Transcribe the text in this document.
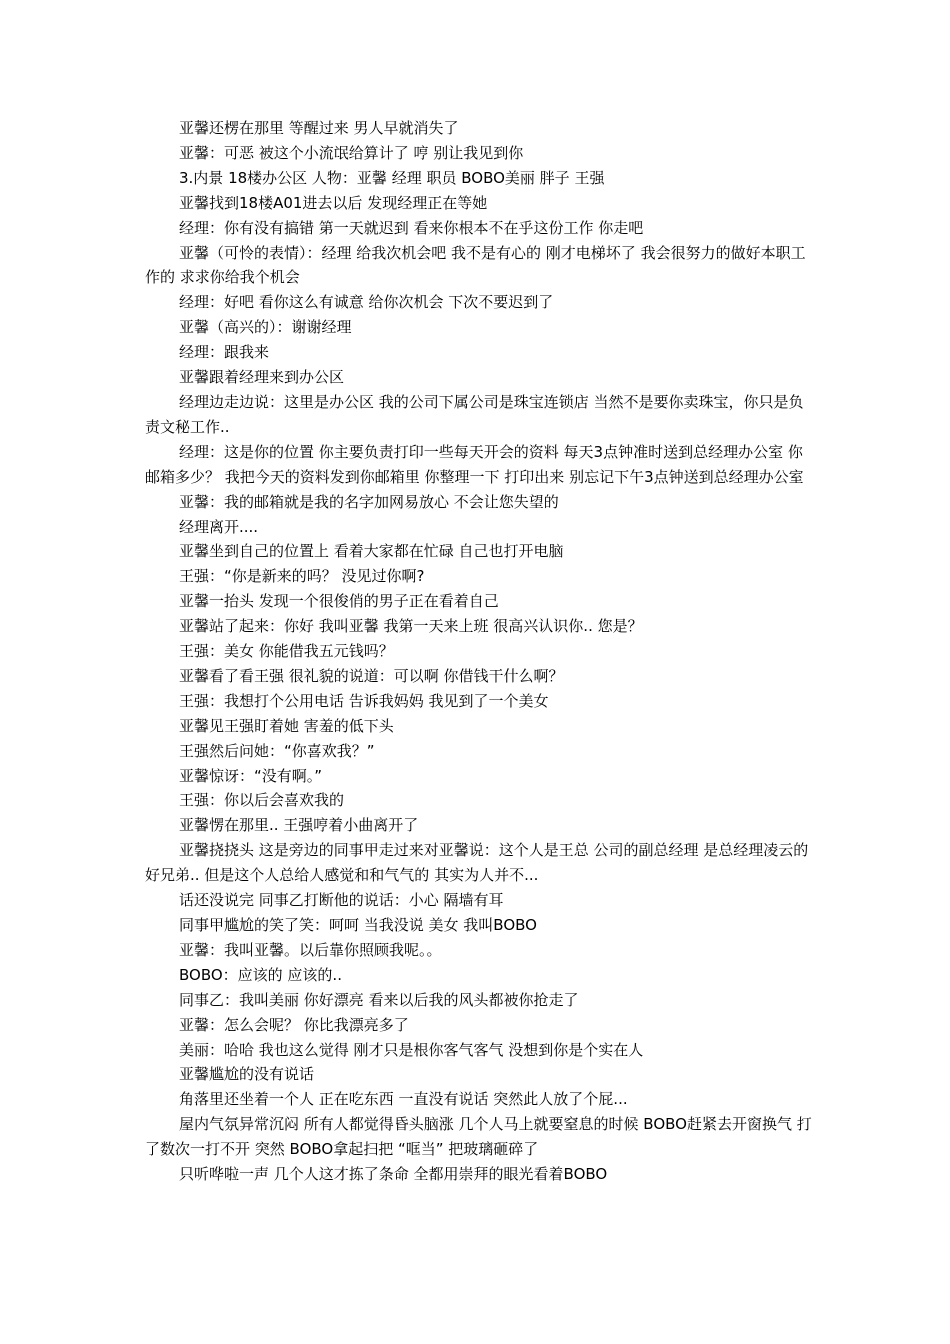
亚馨还楞在那里 等醒过来 男人早就消失了

亚馨：可恶 被这个小流氓给算计了 哼 别让我见到你

3.内景 18楼办公区 人物：亚馨 经理 职员 BOBO美丽 胖子 王强

亚馨找到18楼A01进去以后 发现经理正在等她

经理：你有没有搞错 第一天就迟到 看来你根本不在乎这份工作 你走吧

亚馨（可怜的表情）：经理 给我次机会吧 我不是有心的 刚才电梯坏了 我会很努力的做好本职工作的 求求你给我个机会

经理：好吧 看你这么有诚意 给你次机会 下次不要迟到了

亚馨（高兴的）：谢谢经理

经理：跟我来

亚馨跟着经理来到办公区

经理边走边说：这里是办公区 我的公司下属公司是珠宝连锁店 当然不是要你卖珠宝，你只是负责文秘工作..

经理：这是你的位置 你主要负责打印一些每天开会的资料 每天3点钟准时送到总经理办公室 你邮箱多少？ 我把今天的资料发到你邮箱里 你整理一下 打印出来 别忘记下午3点钟送到总经理办公室

亚馨：我的邮箱就是我的名字加网易放心 不会让您失望的

经理离开....

亚馨坐到自己的位置上 看着大家都在忙碌 自己也打开电脑

王强：“你是新来的吗？ 没见过你啊?

亚馨一抬头 发现一个很俊俏的男子正在看着自己

亚馨站了起来：你好 我叫亚馨 我第一天来上班 很高兴认识你.. 您是？

王强：美女 你能借我五元钱吗？

亚馨看了看王强 很礼貌的说道：可以啊 你借钱干什么啊？

王强：我想打个公用电话 告诉我妈妈 我见到了一个美女

亚馨见王强盯着她 害羞的低下头

王强然后问她：“你喜欢我？”

亚馨惊讶：“没有啊。”

王强：你以后会喜欢我的

亚馨愣在那里.. 王强哼着小曲离开了

亚馨挠挠头 这是旁边的同事甲走过来对亚馨说：这个人是王总 公司的副总经理 是总经理凌云的好兄弟.. 但是这个人总给人感觉和和气气的 其实为人并不...

话还没说完 同事乙打断他的说话：小心 隔墙有耳

同事甲尴尬的笑了笑：呵呵 当我没说 美女 我叫BOBO

亚馨：我叫亚馨。以后靠你照顾我呢。。

BOBO：应该的 应该的..

同事乙：我叫美丽 你好漂亮 看来以后我的风头都被你抢走了

亚馨：怎么会呢？ 你比我漂亮多了

美丽：哈哈 我也这么觉得 刚才只是根你客气客气 没想到你是个实在人

亚馨尴尬的没有说话

角落里还坐着一个人 正在吃东西 一直没有说话 突然此人放了个屁...

屋内气氛异常沉闷 所有人都觉得昏头脑涨 几个人马上就要窒息的时候 BOBO赶紧去开窗换气 打了数次一打不开 突然 BOBO拿起扫把 “哐当” 把玻璃砸碎了

只听哗啦一声 几个人这才拣了条命 全都用崇拜的眼光看着BOBO
